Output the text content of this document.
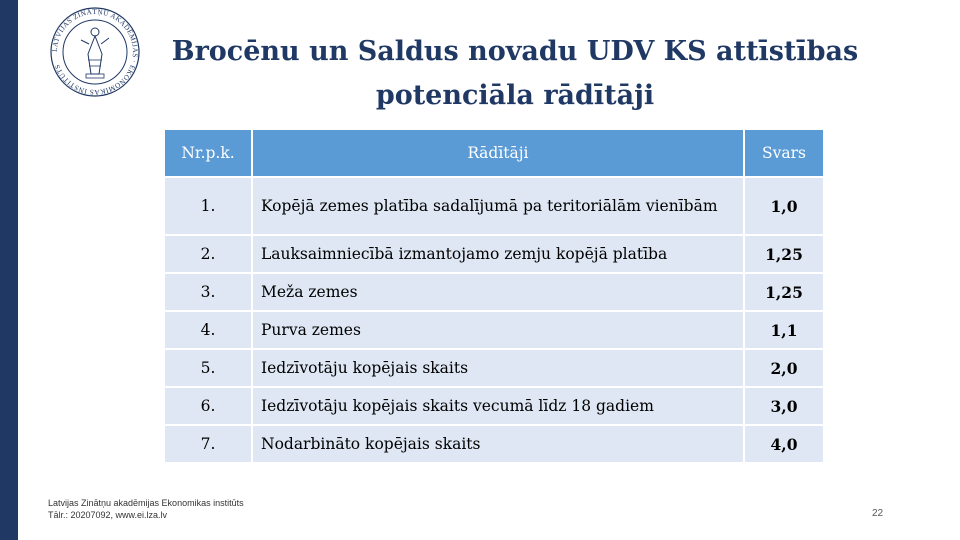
LATVIJAS ZINĀTŅU AKADĒMIJAS · EKONOMIKAS INSTITŪTS	Brocēnu un Saldus novadu UDV KS attīstības potenciāla rādītāji
Nr.p.k.	Rādītāji	Svars
1.	Kopējā zemes platība sadalījumā pa teritoriālām vienībām	1,0
2.	Lauksaimniecībā izmantojamo zemju kopējā platība	1,25
3.	Meža zemes	1,25
4.	Purva zemes	1,1
5.	Iedzīvotāju kopējais skaits	2,0
6.	Iedzīvotāju kopējais skaits vecumā līdz 18 gadiem	3,0
7.	Nodarbināto kopējais skaits	4,0
Latvijas Zinātņu akadēmijas Ekonomikas institūts
Tālr.: 20207092, www.ei.lza.lv	22
